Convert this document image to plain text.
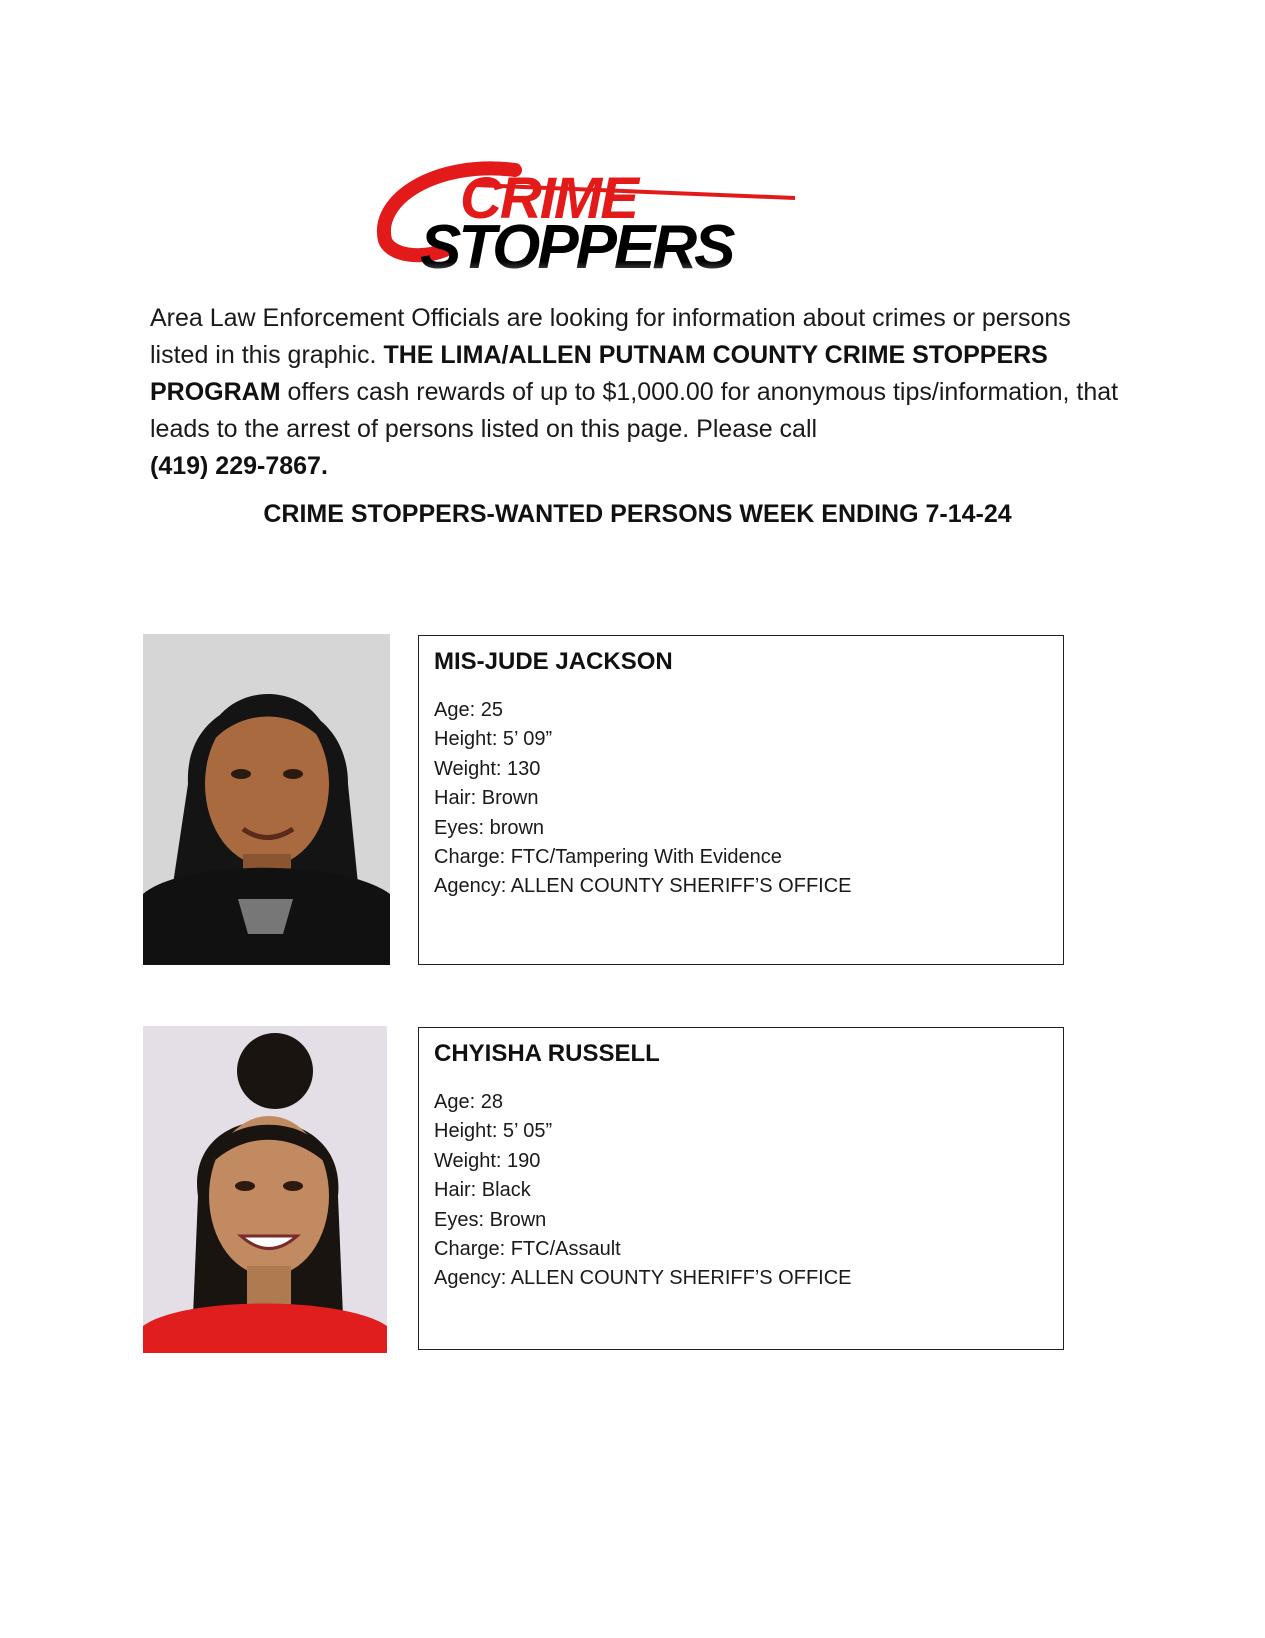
CRIME
STOPPERS
Area Law Enforcement Officials are looking for information about crimes or persons listed in this graphic. THE LIMA/ALLEN PUTNAM COUNTY CRIME STOPPERS PROGRAM offers cash rewards of up to $1,000.00 for anonymous tips/information, that leads to the arrest of persons listed on this page. Please call
(419) 229-7867.
CRIME STOPPERS-WANTED PERSONS WEEK ENDING 7-14-24
MIS-JUDE JACKSON
Age: 25
Height: 5’ 09”
Weight: 130
Hair: Brown
Eyes: brown
Charge: FTC/Tampering With Evidence
Agency: ALLEN COUNTY SHERIFF’S OFFICE
CHYISHA RUSSELL
Age: 28
Height: 5’ 05”
Weight: 190
Hair: Black
Eyes: Brown
Charge: FTC/Assault
Agency: ALLEN COUNTY SHERIFF’S OFFICE
